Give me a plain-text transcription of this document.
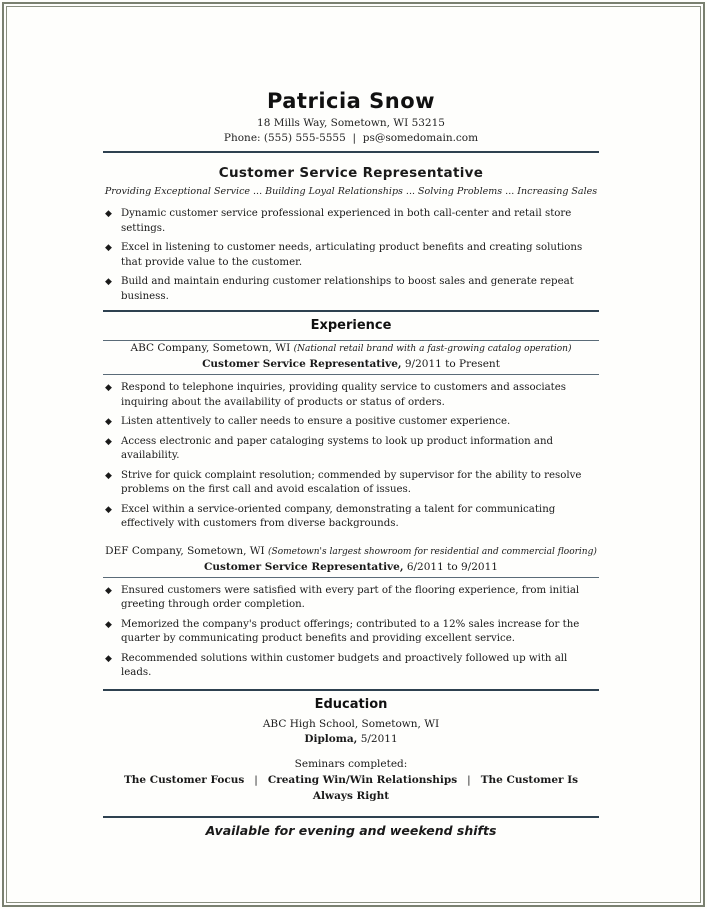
Patricia Snow
18 Mills Way, Sometown, WI 53215
Phone: (555) 555-5555 | ps@somedomain.com
Customer Service Representative
Providing Exceptional Service ... Building Loyal Relationships ... Solving Problems ... Increasing Sales
◆ Dynamic customer service professional experienced in both call-center and retail store settings.
◆ Excel in listening to customer needs, articulating product benefits and creating solutions that provide value to the customer.
◆ Build and maintain enduring customer relationships to boost sales and generate repeat business.
Experience
ABC Company, Sometown, WI (National retail brand with a fast-growing catalog operation)
Customer Service Representative, 9/2011 to Present
◆ Respond to telephone inquiries, providing quality service to customers and associates inquiring about the availability of products or status of orders.
◆ Listen attentively to caller needs to ensure a positive customer experience.
◆ Access electronic and paper cataloging systems to look up product information and availability.
◆ Strive for quick complaint resolution; commended by supervisor for the ability to resolve problems on the first call and avoid escalation of issues.
◆ Excel within a service-oriented company, demonstrating a talent for communicating effectively with customers from diverse backgrounds.
DEF Company, Sometown, WI (Sometown's largest showroom for residential and commercial flooring)
Customer Service Representative, 6/2011 to 9/2011
◆ Ensured customers were satisfied with every part of the flooring experience, from initial greeting through order completion.
◆ Memorized the company's product offerings; contributed to a 12% sales increase for the quarter by communicating product benefits and providing excellent service.
◆ Recommended solutions within customer budgets and proactively followed up with all leads.
Education
ABC High School, Sometown, WI
Diploma, 5/2011
Seminars completed:
The Customer Focus | Creating Win/Win Relationships | The Customer Is Always Right
Available for evening and weekend shifts
